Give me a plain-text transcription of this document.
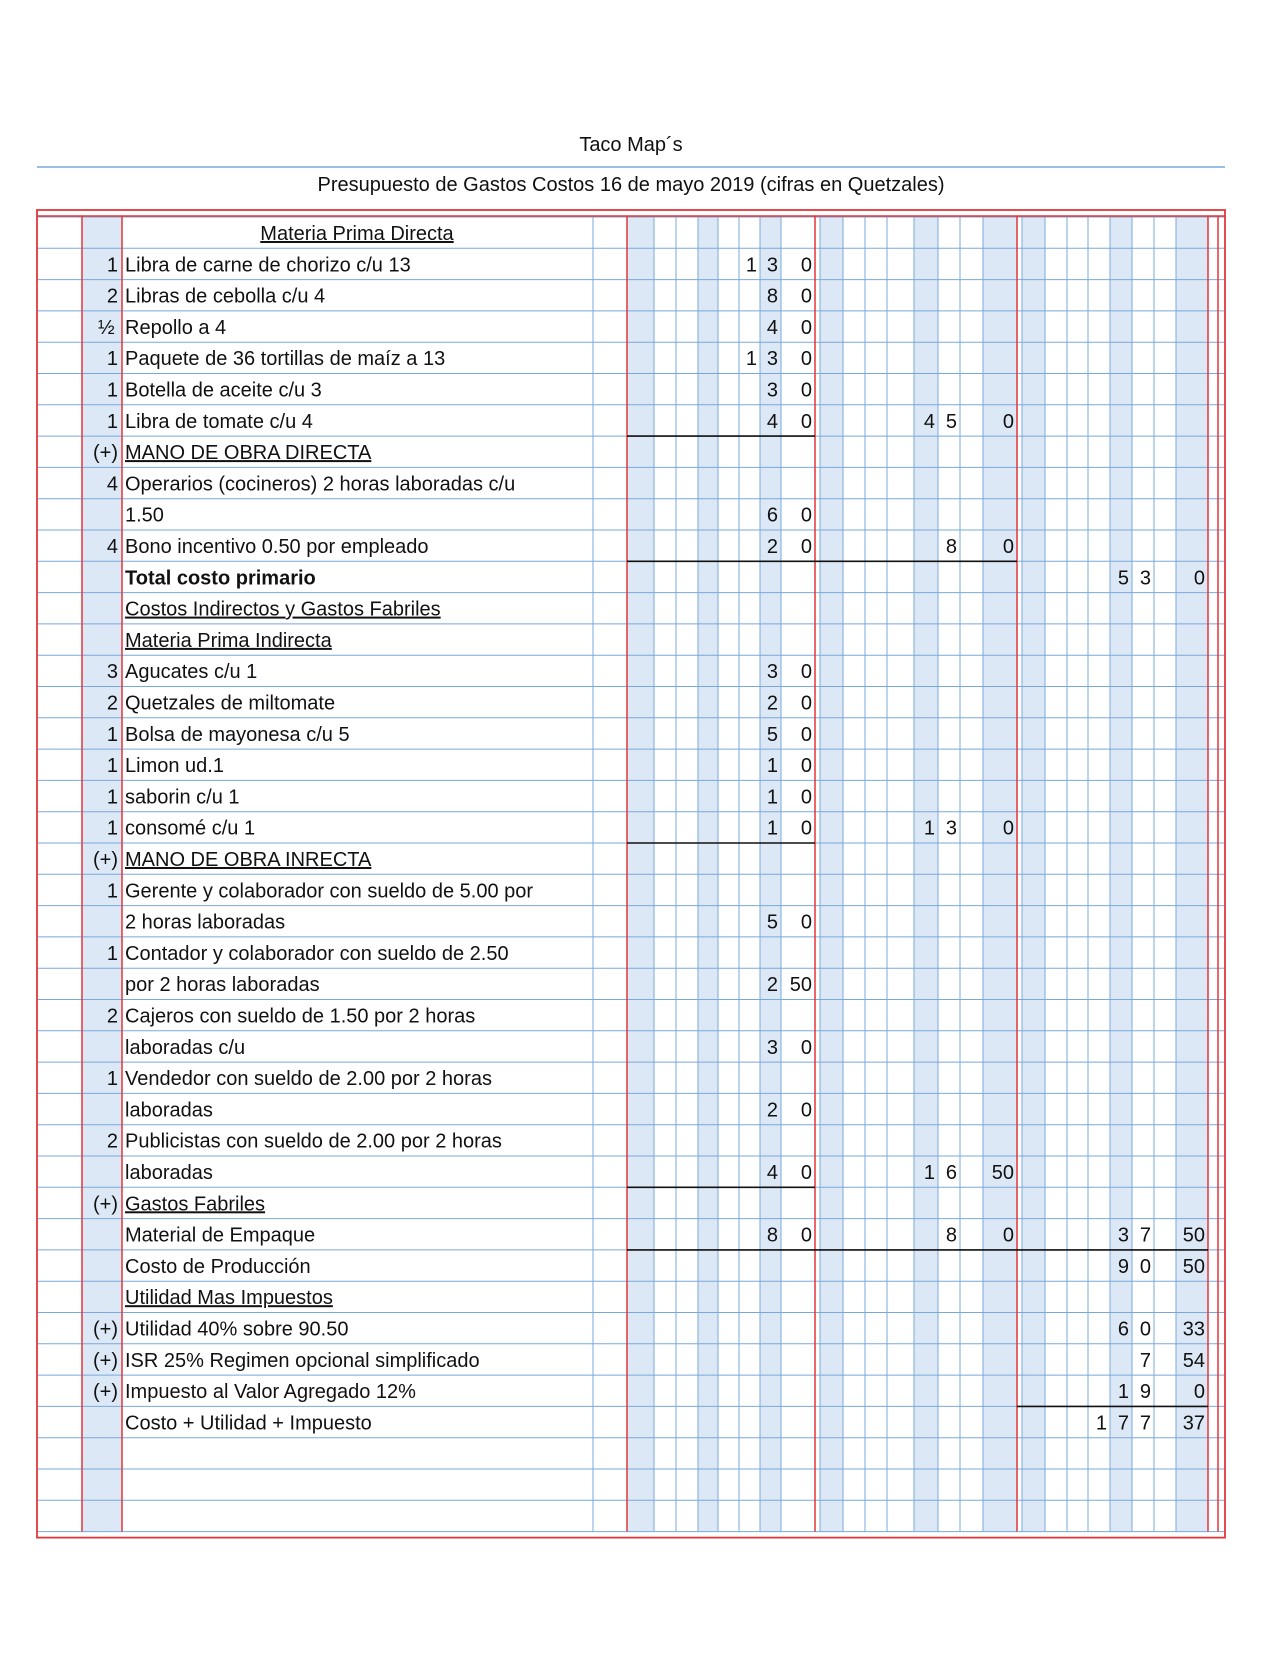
Taco Map´s
Presupuesto de Gastos Costos 16 de mayo 2019 (cifras en Quetzales)
Materia Prima Directa
1 Libra de carne de chorizo c/u 13	1 3 0
2 Libras de cebolla c/u 4	8 0
½ Repollo a 4	4 0
1 Paquete de 36 tortillas de maíz a 13	1 3 0
1 Botella de aceite c/u 3	3 0
1 Libra de tomate c/u 4	4 0	4 5 0
(+) MANO DE OBRA DIRECTA
4 Operarios (cocineros) 2 horas laboradas c/u
1.50	6 0
4 Bono incentivo 0.50 por empleado	2 0	8 0
Total costo primario	5 3 0
Costos Indirectos y Gastos Fabriles
Materia Prima Indirecta
3 Agucates c/u 1	3 0
2 Quetzales de miltomate	2 0
1 Bolsa de mayonesa c/u 5	5 0
1 Limon ud.1	1 0
1 saborin c/u 1	1 0
1 consomé c/u 1	1 0	1 3 0
(+) MANO DE OBRA INRECTA
1 Gerente y colaborador con sueldo de 5.00 por
2 horas laboradas	5 0
1 Contador y colaborador con sueldo de 2.50
por 2 horas laboradas	2 50
2 Cajeros con sueldo de 1.50 por 2 horas
laboradas c/u	3 0
1 Vendedor con sueldo de 2.00 por 2 horas
laboradas	2 0
2 Publicistas con sueldo de 2.00 por 2 horas
laboradas	4 0	1 6 50
(+) Gastos Fabriles
Material de Empaque	8 0	8 0	3 7 50
Costo de Producción	9 0 50
Utilidad Mas Impuestos
(+) Utilidad 40% sobre 90.50	6 0 33
(+) ISR 25% Regimen opcional simplificado	7 54
(+) Impuesto al Valor Agregado 12%	1 9 0
Costo + Utilidad + Impuesto	1 7 7 37
